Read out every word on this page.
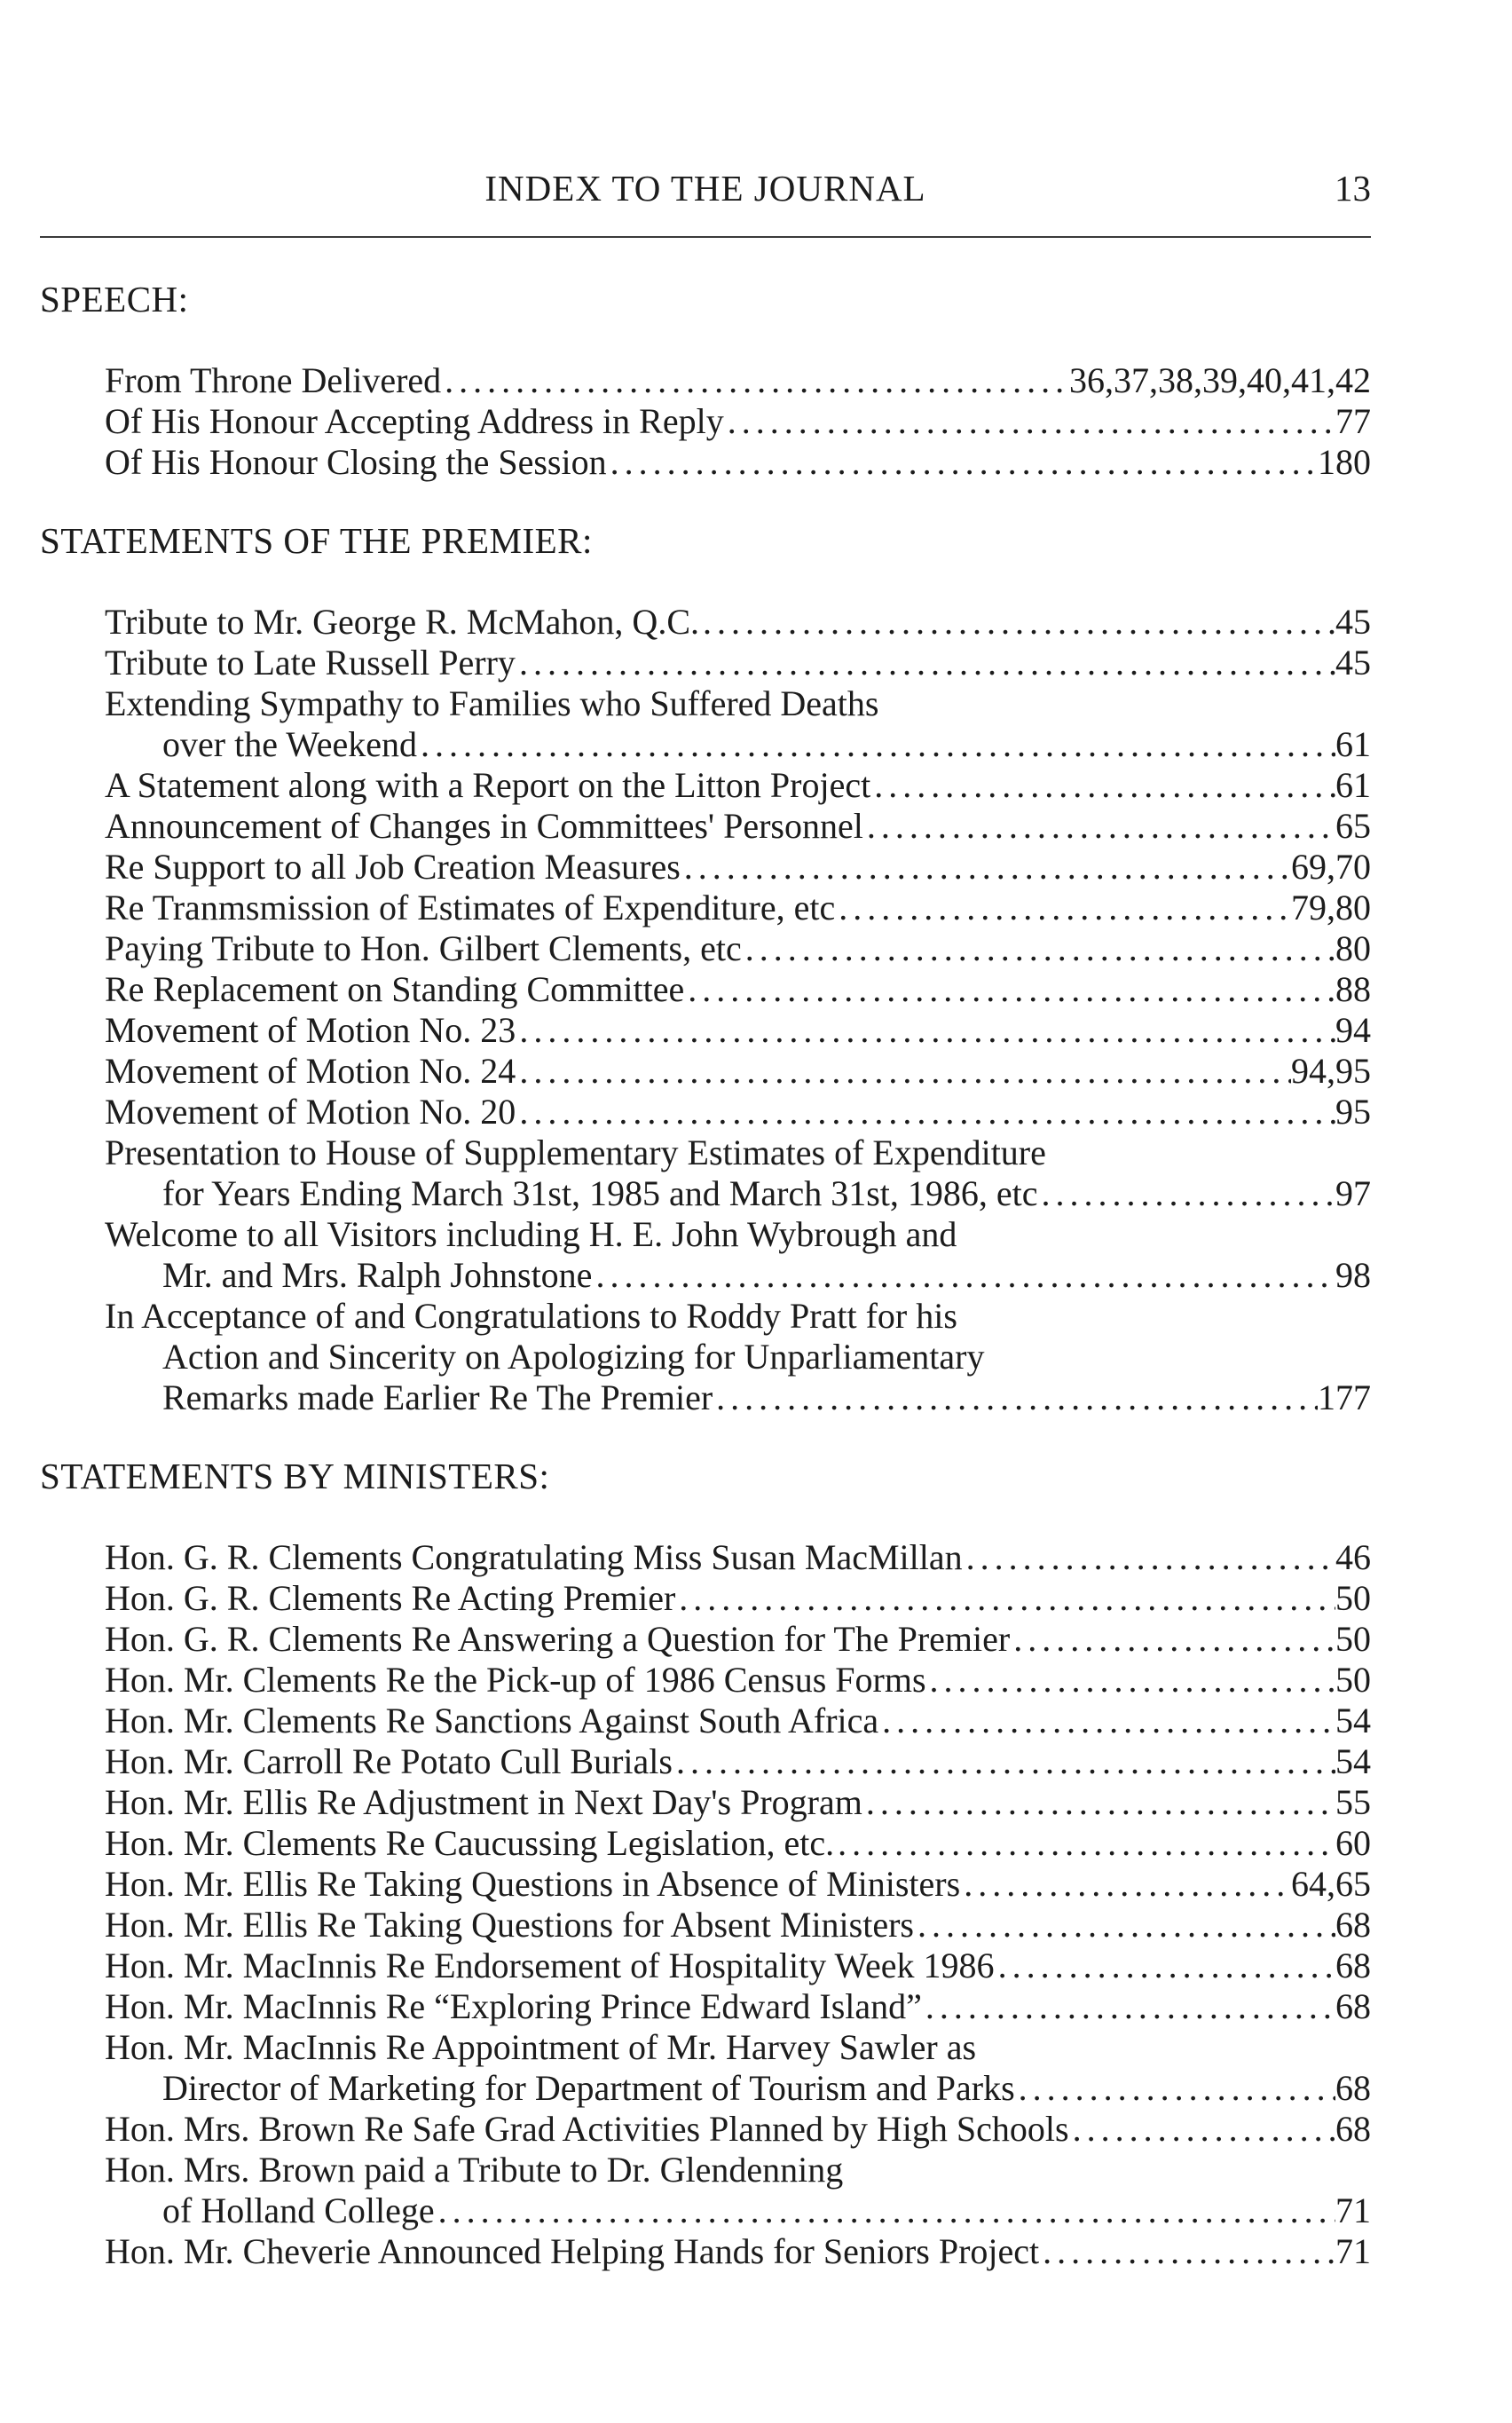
INDEX TO THE JOURNAL	13
SPEECH:
From Throne Delivered .....	36,37,38,39,40,41,42
Of His Honour Accepting Address in Reply .....	77
Of His Honour Closing the Session .....	180
STATEMENTS OF THE PREMIER:
Tribute to Mr. George R. McMahon, Q.C. .....	45
Tribute to Late Russell Perry .....	45
Extending Sympathy to Families who Suffered Deaths
over the Weekend .....	61
A Statement along with a Report on the Litton Project .....	61
Announcement of Changes in Committees' Personnel .....	65
Re Support to all Job Creation Measures .....	69,70
Re Tranmsmission of Estimates of Expenditure, etc .....	79,80
Paying Tribute to Hon. Gilbert Clements, etc .....	80
Re Replacement on Standing Committee .....	88
Movement of Motion No. 23 .....	94
Movement of Motion No. 24 .....	94,95
Movement of Motion No. 20 .....	95
Presentation to House of Supplementary Estimates of Expenditure
for Years Ending March 31st, 1985 and March 31st, 1986, etc .....	97
Welcome to all Visitors including H. E. John Wybrough and
Mr. and Mrs. Ralph Johnstone .....	98
In Acceptance of and Congratulations to Roddy Pratt for his
Action and Sincerity on Apologizing for Unparliamentary
Remarks made Earlier Re The Premier .....	177
STATEMENTS BY MINISTERS:
Hon. G. R. Clements Congratulating Miss Susan MacMillan .....	46
Hon. G. R. Clements Re Acting Premier .....	50
Hon. G. R. Clements Re Answering a Question for The Premier .....	50
Hon. Mr. Clements Re the Pick-up of 1986 Census Forms .....	50
Hon. Mr. Clements Re Sanctions Against South Africa .....	54
Hon. Mr. Carroll Re Potato Cull Burials .....	54
Hon. Mr. Ellis Re Adjustment in Next Day's Program .....	55
Hon. Mr. Clements Re Caucussing Legislation, etc. .....	60
Hon. Mr. Ellis Re Taking Questions in Absence of Ministers .....	64,65
Hon. Mr. Ellis Re Taking Questions for Absent Ministers .....	68
Hon. Mr. MacInnis Re Endorsement of Hospitality Week 1986 .....	68
Hon. Mr. MacInnis Re “Exploring Prince Edward Island” .....	68
Hon. Mr. MacInnis Re Appointment of Mr. Harvey Sawler as
Director of Marketing for Department of Tourism and Parks .....	68
Hon. Mrs. Brown Re Safe Grad Activities Planned by High Schools .....	68
Hon. Mrs. Brown paid a Tribute to Dr. Glendenning
of Holland College .....	71
Hon. Mr. Cheverie Announced Helping Hands for Seniors Project .....	71
